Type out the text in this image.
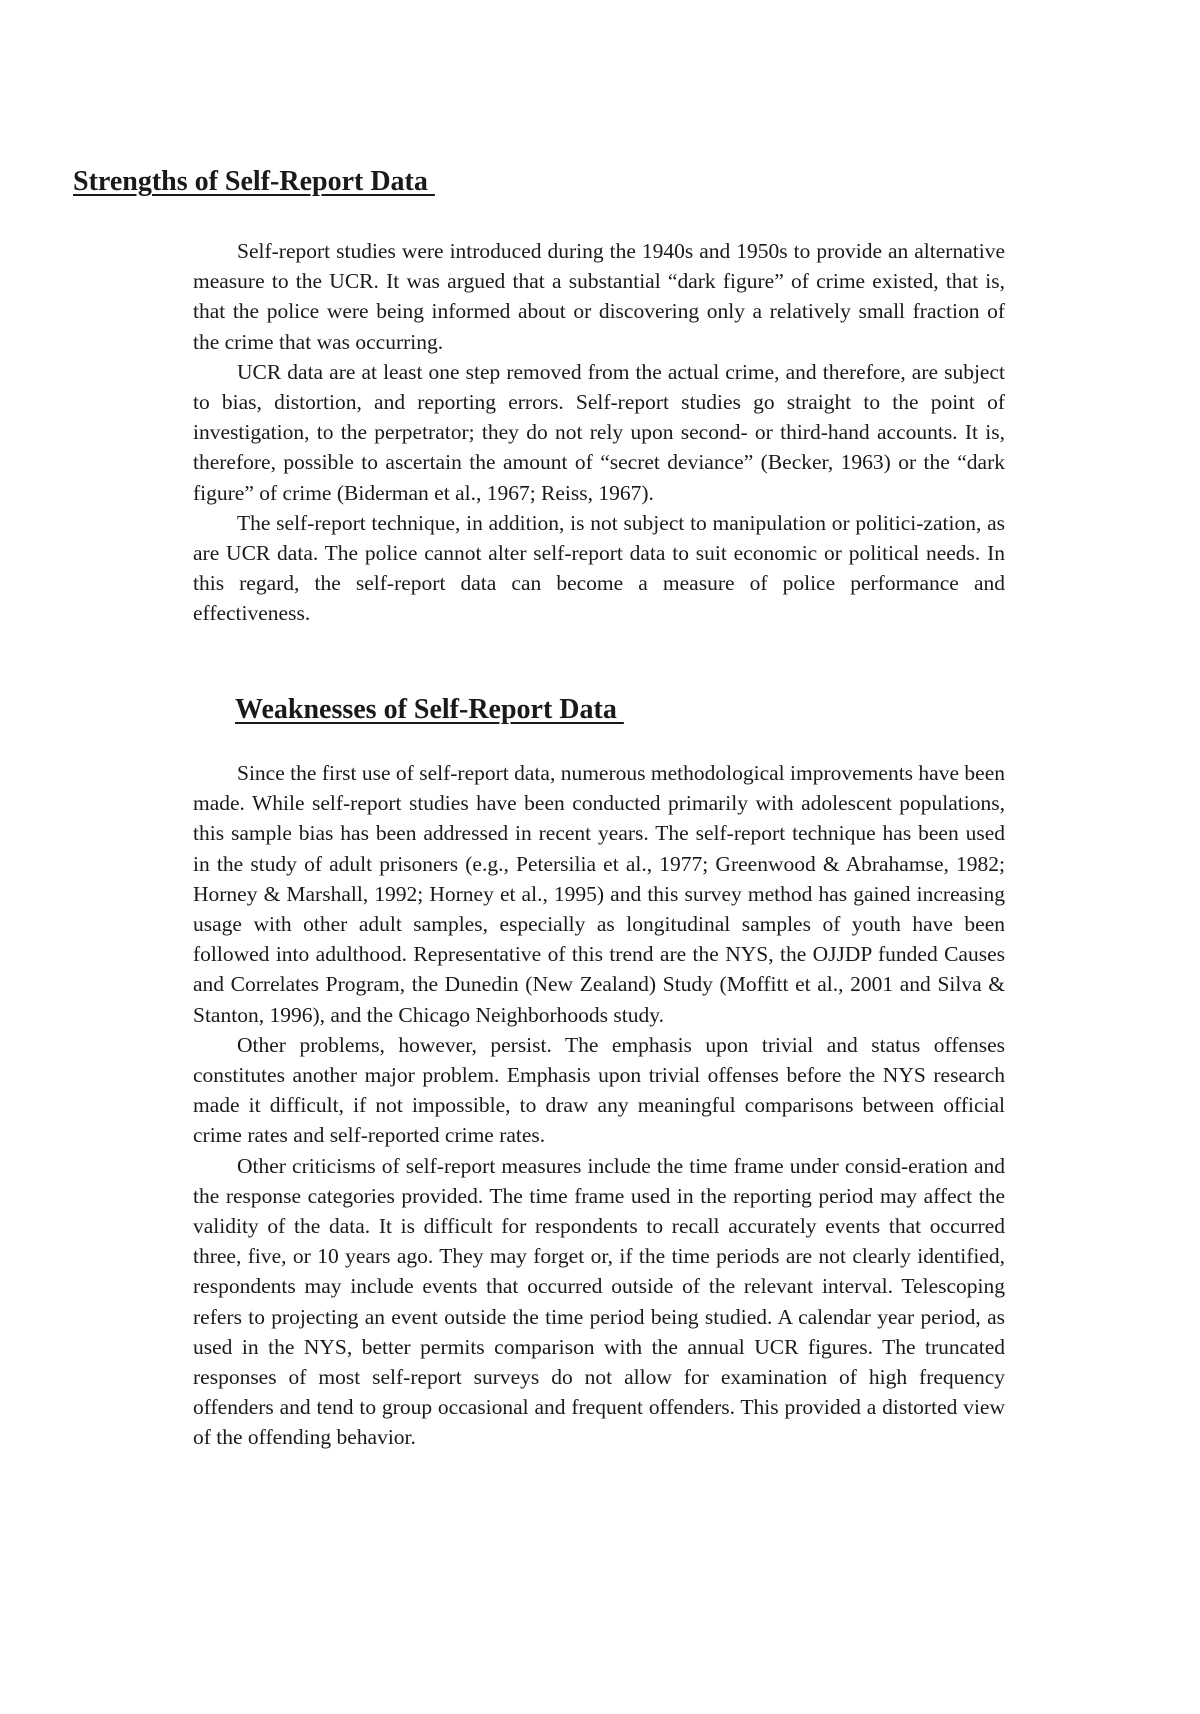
Strengths of Self-Report Data

Self-report studies were introduced during the 1940s and 1950s to provide an alternative measure to the UCR. It was argued that a substantial “dark figure” of crime existed, that is, that the police were being informed about or discovering only a relatively small fraction of the crime that was occurring.

UCR data are at least one step removed from the actual crime, and therefore, are subject to bias, distortion, and reporting errors. Self-report studies go straight to the point of investigation, to the perpetrator; they do not rely upon second- or third-hand accounts. It is, therefore, possible to ascertain the amount of “secret deviance” (Becker, 1963) or the “dark figure” of crime (Biderman et al., 1967; Reiss, 1967).

The self-report technique, in addition, is not subject to manipulation or politici-zation, as are UCR data. The police cannot alter self-report data to suit economic or political needs. In this regard, the self-report data can become a measure of police performance and effectiveness.

Weaknesses of Self-Report Data

Since the first use of self-report data, numerous methodological improvements have been made. While self-report studies have been conducted primarily with adolescent populations, this sample bias has been addressed in recent years. The self-report technique has been used in the study of adult prisoners (e.g., Petersilia et al., 1977; Greenwood & Abrahamse, 1982; Horney & Marshall, 1992; Horney et al., 1995) and this survey method has gained increasing usage with other adult samples, especially as longitudinal samples of youth have been followed into adulthood. Representative of this trend are the NYS, the OJJDP funded Causes and Correlates Program, the Dunedin (New Zealand) Study (Moffitt et al., 2001 and Silva & Stanton, 1996), and the Chicago Neighborhoods study.

Other problems, however, persist. The emphasis upon trivial and status offenses constitutes another major problem. Emphasis upon trivial offenses before the NYS research made it difficult, if not impossible, to draw any meaningful comparisons between official crime rates and self-reported crime rates.

Other criticisms of self-report measures include the time frame under consid-eration and the response categories provided. The time frame used in the reporting period may affect the validity of the data. It is difficult for respondents to recall accurately events that occurred three, five, or 10 years ago. They may forget or, if the time periods are not clearly identified, respondents may include events that occurred outside of the relevant interval. Telescoping refers to projecting an event outside the time period being studied. A calendar year period, as used in the NYS, better permits comparison with the annual UCR figures. The truncated responses of most self-report surveys do not allow for examination of high frequency offenders and tend to group occasional and frequent offenders. This provided a distorted view of the offending behavior.
